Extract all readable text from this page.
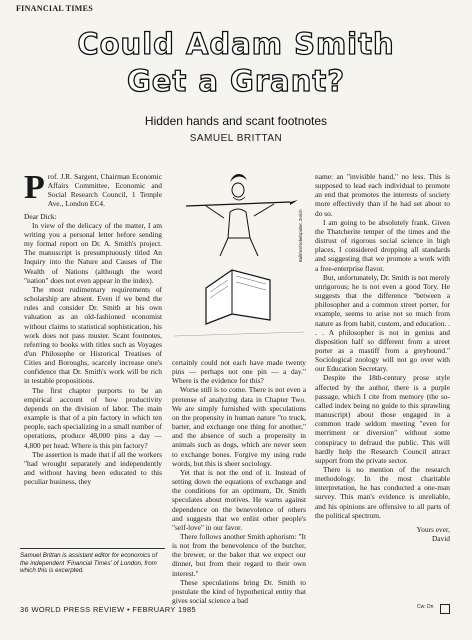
FINANCIAL TIMES
Could Adam Smith
Get a Grant?
Hidden hands and scant footnotes
SAMUEL BRITTAN

Prof. J.R. Sargent, Chairman Economic Affairs Committee, Economic and Social Research Council, 1 Temple Ave., London EC4.

Dear Dick:

In view of the delicacy of the matter, I am writing you a personal letter before sending my formal report on Dr. A. Smith's project. The manuscript is presumptuously titled An Inquiry into the Nature and Causes of The Wealth of Nations (although the word "nation" does not even appear in the index).

The most rudimentary requirements of scholarship are absent. Even if we bend the rules and consider Dr. Smith at his own valuation as an old-fashioned economist without claims to statistical sophistication, his work does not pass muster. Scant footnotes, referring to books with titles such as Voyages d'un Philosophe or Historical Treatises of Cities and Boroughs, scarcely increase one's confidence that Dr. Smith's work will be rich in testable propositions.

The first chapter purports to be an empirical account of how productivity depends on the division of labor. The main example is that of a pin factory in which ten people, each specializing in a small number of operations, produce 48,000 pins a day — 4,800 per head. Where is this pin factory?

The assertion is made that if all the workers "had wrought separately and independently and without having been educated to this peculiar business, they

Samuel Brittan is assistant editor for economics of the independent 'Financial Times' of London, from which this is excerpted.
Ballmer/Nebelspalter, Zurich

certainly could not each have made twenty pins — perhaps not one pin — a day." Where is the evidence for this?

Worse still is to come. There is not even a pretense of analyzing data in Chapter Two. We are simply furnished with speculations on the propensity in human nature "to truck, barter, and exchange one thing for another," and the absence of such a propensity in animals such as dogs, which are never seen to exchange bones. Forgive my using rude words, but this is sheer sociology.

Yet that is not the end of it. Instead of setting down the equations of exchange and the conditions for an optimum, Dr. Smith speculates about motives. He warns against dependence on the benevolence of others and suggests that we enlist other people's "self-love" in our favor.

There follows another Smith aphorism: "It is not from the benevolence of the butcher, the brewer, or the baker that we expect our dinner, but from their regard to their own interest."

These speculations bring Dr. Smith to postulate the kind of hypothetical entity that gives social science a bad

name: an "invisible hand," no less. This is supposed to lead each individual to promote an end that promotes the interests of society more effectively than if he had set about to do so.

I am going to be absolutely frank. Given the Thatcherite temper of the times and the distrust of rigorous social science in high places, I considered dropping all standards and suggesting that we promote a work with a free-enterprise flavor.

But, unfortunately, Dr. Smith is not merely unrigorous; he is not even a good Tory. He suggests that the difference "between a philosopher and a common street porter, for example, seems to arise not so much from nature as from habit, custom, and education. . . . A philosopher is not in genius and disposition half so different from a street porter as a mastiff from a greyhound." Sociological zoology will not go over with our Education Secretary.

Despite the 18th-century prose style affected by the author, there is a purple passage, which I cite from memory (the so-called index being no guide to this sprawling manuscript) about those engaged in a common trade seldom meeting "even for merriment or diversion" without some conspiracy to defraud the public. This will hardly help the Research Council attract support from the private sector.

There is no mention of the research methodology. In the most charitable interpretation, he has conducted a one-man survey. This man's evidence is unreliable, and his opinions are offensive to all parts of the political spectrum.

Yours ever,

David

Cw: Dn
36 WORLD PRESS REVIEW • FEBRUARY 1985
